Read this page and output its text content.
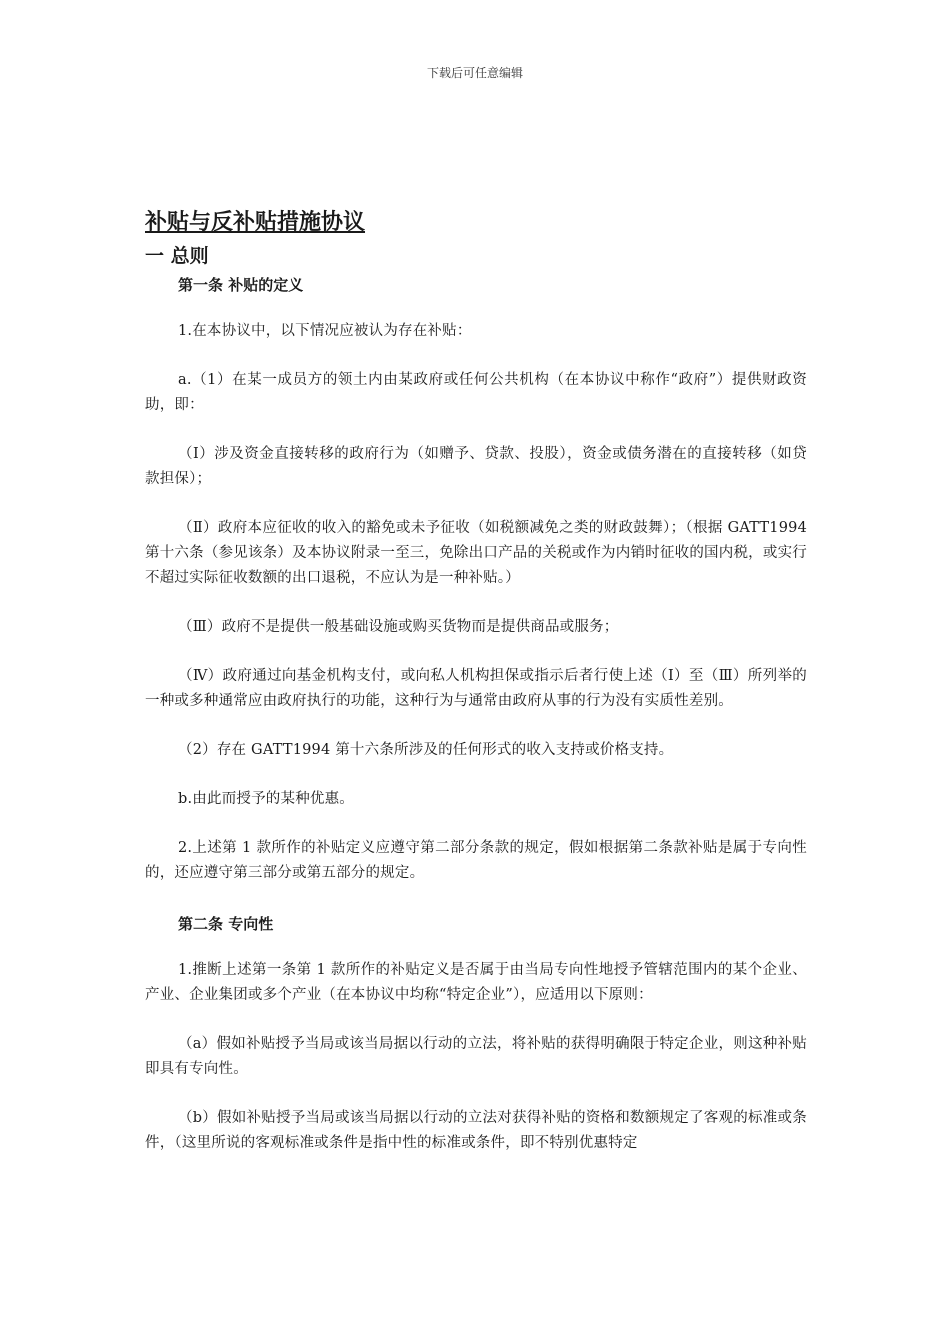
下载后可任意编辑
补贴与反补贴措施协议
一 总则
第一条 补贴的定义

1.在本协议中，以下情况应被认为存在补贴：

a.（1）在某一成员方的领土内由某政府或任何公共机构（在本协议中称作“政府”）提供财政资助，即：

（Ⅰ）涉及资金直接转移的政府行为（如赠予、贷款、投股），资金或债务潜在的直接转移（如贷款担保）；

（Ⅱ）政府本应征收的收入的豁免或未予征收（如税额减免之类的财政鼓舞）；（根据 GATT1994 第十六条（参见该条）及本协议附录一至三，免除出口产品的关税或作为内销时征收的国内税，或实行不超过实际征收数额的出口退税，不应认为是一种补贴。）

（Ⅲ）政府不是提供一般基础设施或购买货物而是提供商品或服务；

（Ⅳ）政府通过向基金机构支付，或向私人机构担保或指示后者行使上述（Ⅰ）至（Ⅲ）所列举的一种或多种通常应由政府执行的功能，这种行为与通常由政府从事的行为没有实质性差别。

（2）存在 GATT1994 第十六条所涉及的任何形式的收入支持或价格支持。

b.由此而授予的某种优惠。

2.上述第 1 款所作的补贴定义应遵守第二部分条款的规定，假如根据第二条款补贴是属于专向性的，还应遵守第三部分或第五部分的规定。

第二条 专向性

1.推断上述第一条第 1 款所作的补贴定义是否属于由当局专向性地授予管辖范围内的某个企业、产业、企业集团或多个产业（在本协议中均称“特定企业”），应适用以下原则：

（a）假如补贴授予当局或该当局据以行动的立法，将补贴的获得明确限于特定企业，则这种补贴即具有专向性。

（b）假如补贴授予当局或该当局据以行动的立法对获得补贴的资格和数额规定了客观的标准或条件，（这里所说的客观标准或条件是指中性的标准或条件，即不特别优惠特定
